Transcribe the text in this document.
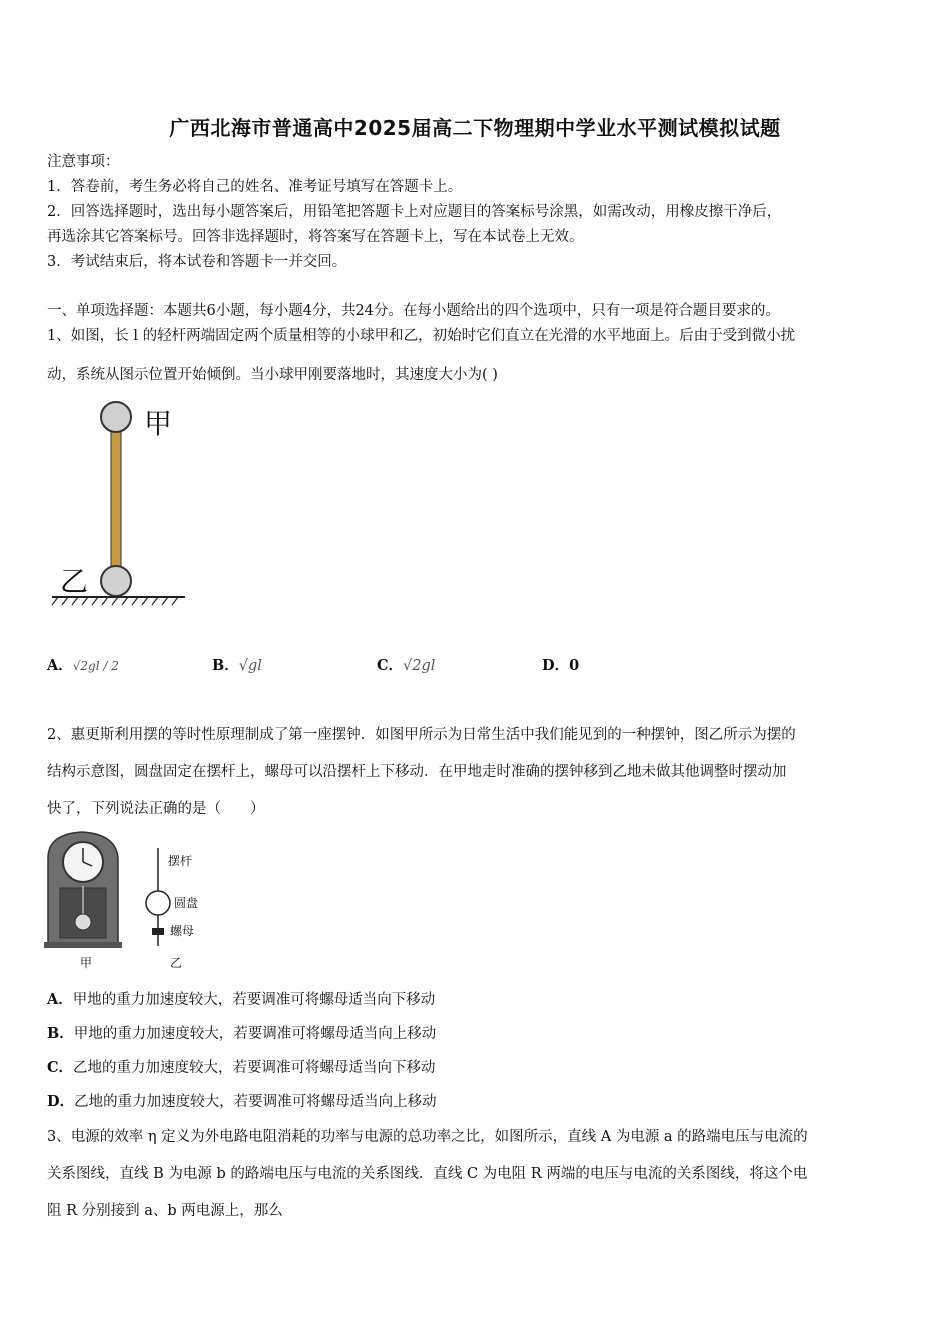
广西北海市普通高中2025届高二下物理期中学业水平测试模拟试题
注意事项：
1．答卷前，考生务必将自己的姓名、准考证号填写在答题卡上。
2．回答选择题时，选出每小题答案后，用铅笔把答题卡上对应题目的答案标号涂黑，如需改动，用橡皮擦干净后，
再选涂其它答案标号。回答非选择题时，将答案写在答题卡上，写在本试卷上无效。
3．考试结束后，将本试卷和答题卡一并交回。
一、单项选择题：本题共6小题，每小题4分，共24分。在每小题给出的四个选项中，只有一项是符合题目要求的。
1、如图，长 l 的轻杆两端固定两个质量相等的小球甲和乙，初始时它们直立在光滑的水平地面上。后由于受到微小扰
动，系统从图示位置开始倾倒。当小球甲刚要落地时，其速度大小为( )
甲
乙
A．√2gl / 2	B．√gl	C．√2gl	D．0
2、惠更斯利用摆的等时性原理制成了第一座摆钟．如图甲所示为日常生活中我们能见到的一种摆钟，图乙所示为摆的
结构示意图，圆盘固定在摆杆上，螺母可以沿摆杆上下移动．在甲地走时准确的摆钟移到乙地未做其他调整时摆动加
快了，下列说法正确的是（　　）
摆杆
圆盘
螺母
甲	乙
A．甲地的重力加速度较大，若要调准可将螺母适当向下移动
B．甲地的重力加速度较大，若要调准可将螺母适当向上移动
C．乙地的重力加速度较大，若要调准可将螺母适当向下移动
D．乙地的重力加速度较大，若要调准可将螺母适当向上移动
3、电源的效率 η 定义为外电路电阻消耗的功率与电源的总功率之比，如图所示，直线 A 为电源 a 的路端电压与电流的
关系图线，直线 B 为电源 b 的路端电压与电流的关系图线．直线 C 为电阻 R 两端的电压与电流的关系图线，将这个电
阻 R 分别接到 a、b 两电源上，那么
